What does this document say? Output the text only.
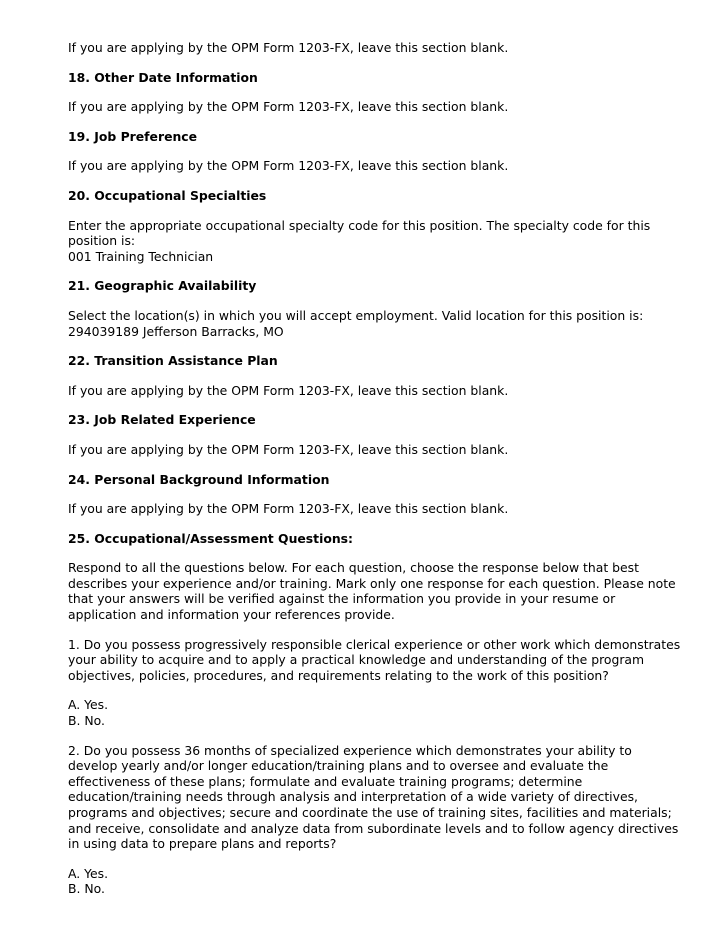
If you are applying by the OPM Form 1203-FX, leave this section blank.

18. Other Date Information

If you are applying by the OPM Form 1203-FX, leave this section blank.

19. Job Preference

If you are applying by the OPM Form 1203-FX, leave this section blank.

20. Occupational Specialties

Enter the appropriate occupational specialty code for this position. The specialty code for this
position is:
001 Training Technician

21. Geographic Availability

Select the location(s) in which you will accept employment. Valid location for this position is:
294039189 Jefferson Barracks, MO

22. Transition Assistance Plan

If you are applying by the OPM Form 1203-FX, leave this section blank.

23. Job Related Experience

If you are applying by the OPM Form 1203-FX, leave this section blank.

24. Personal Background Information

If you are applying by the OPM Form 1203-FX, leave this section blank.

25. Occupational/Assessment Questions:

Respond to all the questions below. For each question, choose the response below that best
describes your experience and/or training. Mark only one response for each question. Please note
that your answers will be verified against the information you provide in your resume or
application and information your references provide.

1. Do you possess progressively responsible clerical experience or other work which demonstrates
your ability to acquire and to apply a practical knowledge and understanding of the program
objectives, policies, procedures, and requirements relating to the work of this position?

A. Yes.
B. No.

2. Do you possess 36 months of specialized experience which demonstrates your ability to
develop yearly and/or longer education/training plans and to oversee and evaluate the
effectiveness of these plans; formulate and evaluate training programs; determine
education/training needs through analysis and interpretation of a wide variety of directives,
programs and objectives; secure and coordinate the use of training sites, facilities and materials;
and receive, consolidate and analyze data from subordinate levels and to follow agency directives
in using data to prepare plans and reports?

A. Yes.
B. No.
